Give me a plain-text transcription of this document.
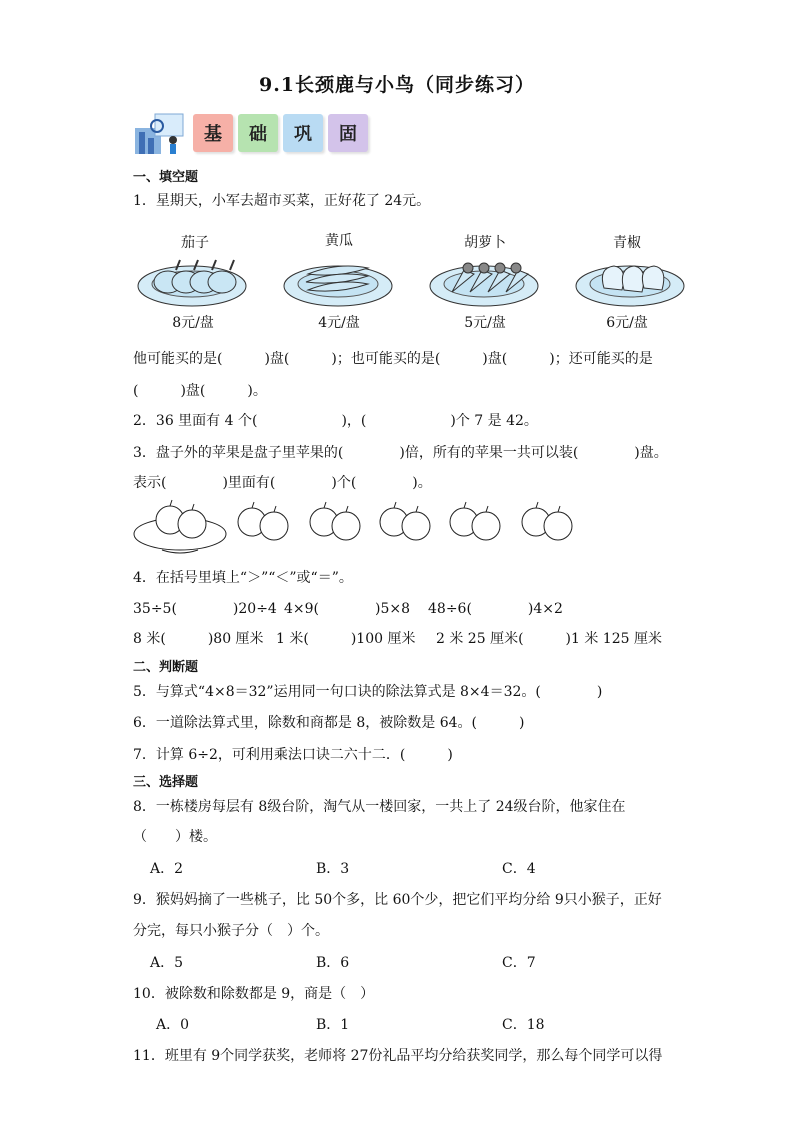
9.1长颈鹿与小鸟（同步练习）
基	础	巩	固
一、填空题
1．星期天，小军去超市买菜，正好花了 24元。
茄子	黄瓜	胡萝卜	青椒
8元/盘	4元/盘	5元/盘	6元/盘
他可能买的是(　　　)盘(　　　)；也可能买的是(　　　)盘(　　　)；还可能买的是
(　　　)盘(　　　)。
2．36 里面有 4 个(　　　　　　)，(　　　　　　)个 7 是 42。
3．盘子外的苹果是盘子里苹果的(　　　　)倍，所有的苹果一共可以装(　　　　)盘。
表示(　　　　)里面有(　　　　)个(　　　　)。
4．在括号里填上“＞”“＜”或“＝”。
35÷5(　　　　)20÷4 4×9(　　　　)5×8 48÷6(　　　　)4×2
8 米(　　　)80 厘米 1 米(　　　)100 厘米 2 米 25 厘米(　　　)1 米 125 厘米
二、判断题
5．与算式“4×8＝32”运用同一句口诀的除法算式是 8×4＝32。(　　　　)
6．一道除法算式里，除数和商都是 8，被除数是 64。(　　　)
7．计算 6÷2，可利用乘法口诀二六十二．(　　　)
三、选择题
8．一栋楼房每层有 8级台阶，淘气从一楼回家，一共上了 24级台阶，他家住在
（　　）楼。
A．2	B．3	C．4
9．猴妈妈摘了一些桃子，比 50个多，比 60个少，把它们平均分给 9只小猴子，正好
分完，每只小猴子分（　）个。
A．5	B．6	C．7
10．被除数和除数都是 9，商是（　）
A．0	B．1	C．18
11．班里有 9个同学获奖，老师将 27份礼品平均分给获奖同学，那么每个同学可以得
